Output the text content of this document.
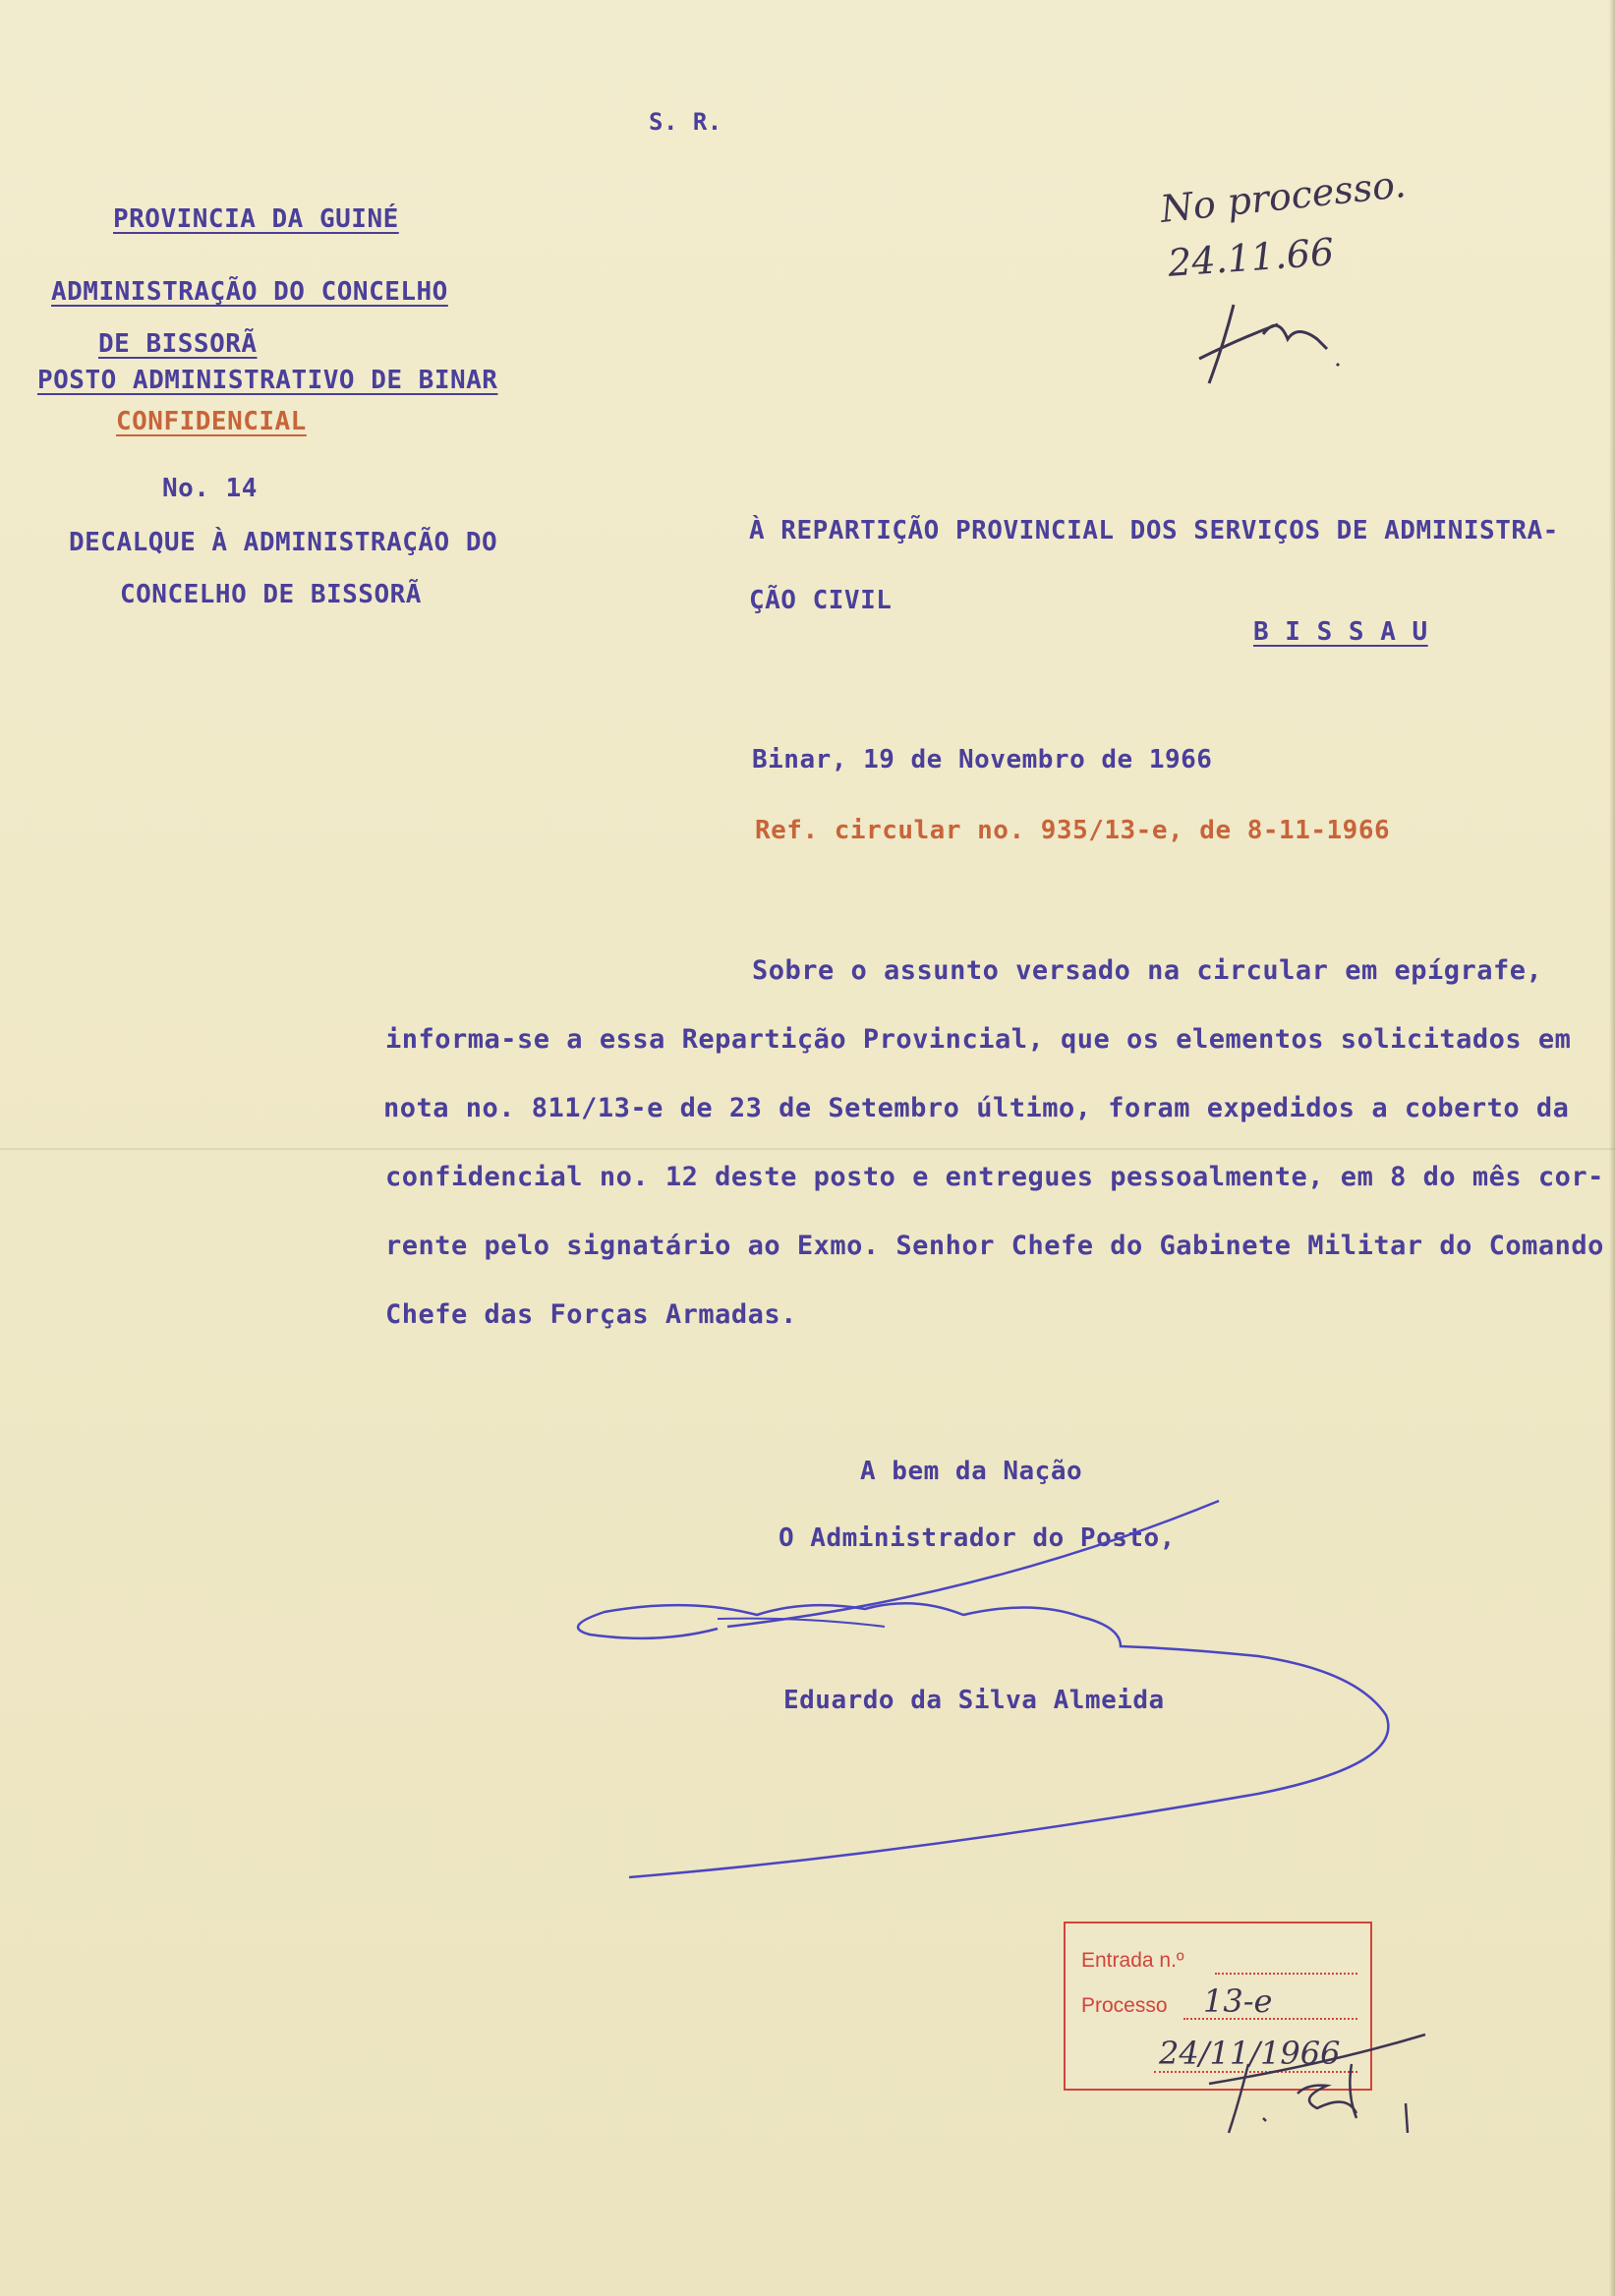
S. R.
PROVINCIA DA GUINÉ
ADMINISTRAÇÃO DO CONCELHO
DE BISSORÃ
POSTO ADMINISTRATIVO DE BINAR
CONFIDENCIAL
No. 14
DECALQUE À ADMINISTRAÇÃO DO
CONCELHO DE BISSORÃ
No processo.
24.11.66
À REPARTIÇÃO PROVINCIAL DOS SERVIÇOS DE ADMINISTRA-
ÇÃO CIVIL
B I S S A U
Binar, 19 de Novembro de 1966
Ref. circular no. 935/13-e, de 8-11-1966
Sobre o assunto versado na circular em epígrafe,
informa-se a essa Repartição Provincial, que os elementos solicitados em
nota no. 811/13-e de 23 de Setembro último, foram expedidos a coberto da
confidencial no. 12 deste posto e entregues pessoalmente, em 8 do mês cor-
rente pelo signatário ao Exmo. Senhor Chefe do Gabinete Militar do Comando
Chefe das Forças Armadas.
A bem da Nação
O Administrador do Posto,
Eduardo da Silva Almeida
Entrada n.º
Processo 13-e
24/11/1966
